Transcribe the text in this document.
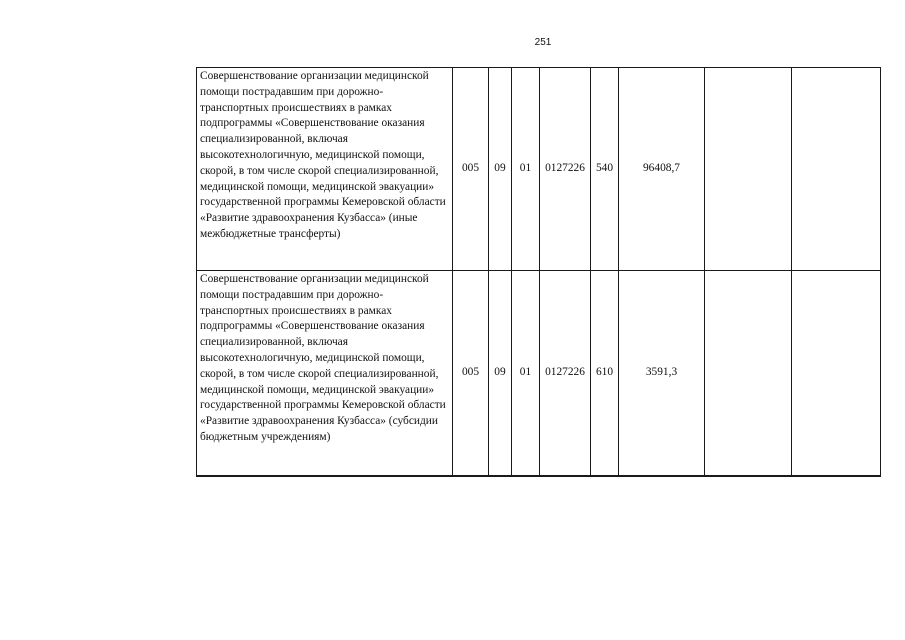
251
Совершенствование организации медицинской помощи пострадавшим при дорожно-транспортных происшествиях в рамках подпрограммы «Совершенствование оказания специализированной, включая высокотехнологичную, медицинской помощи, скорой, в том числе скорой специализированной, медицинской помощи, медицинской эвакуации» государственной программы Кемеровской области «Развитие здравоохранения Кузбасса» (иные межбюджетные трансферты)	005	09	01	0127226	540	96408,7		
Совершенствование организации медицинской помощи пострадавшим при дорожно-транспортных происшествиях в рамках подпрограммы «Совершенствование оказания специализированной, включая высокотехнологичную, медицинской помощи, скорой, в том числе скорой специализированной, медицинской помощи, медицинской эвакуации» государственной программы Кемеровской области «Развитие здравоохранения Кузбасса» (субсидии бюджетным учреждениям)	005	09	01	0127226	610	3591,3		
